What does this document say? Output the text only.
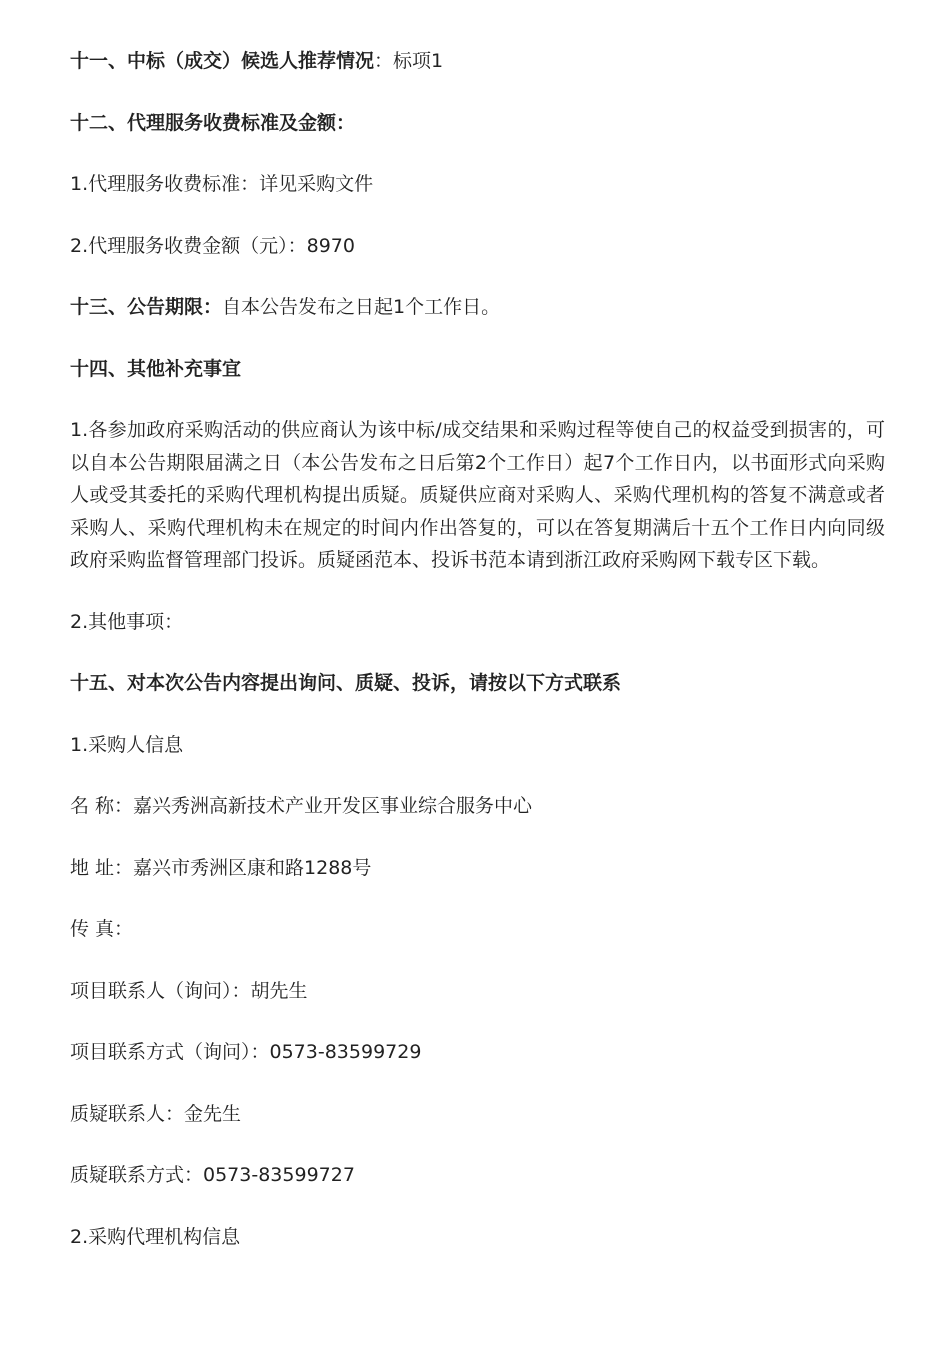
十一、中标（成交）候选人推荐情况：标项1
十二、代理服务收费标准及金额：
1.代理服务收费标准：详见采购文件
2.代理服务收费金额（元）：8970
十三、公告期限：自本公告发布之日起1个工作日。
十四、其他补充事宜
1.各参加政府采购活动的供应商认为该中标/成交结果和采购过程等使自己的权益受到损害的，可以自本公告期限届满之日（本公告发布之日后第2个工作日）起7个工作日内，以书面形式向采购人或受其委托的采购代理机构提出质疑。质疑供应商对采购人、采购代理机构的答复不满意或者采购人、采购代理机构未在规定的时间内作出答复的，可以在答复期满后十五个工作日内向同级政府采购监督管理部门投诉。质疑函范本、投诉书范本请到浙江政府采购网下载专区下载。
2.其他事项：
十五、对本次公告内容提出询问、质疑、投诉，请按以下方式联系
1.采购人信息
名 称：嘉兴秀洲高新技术产业开发区事业综合服务中心
地 址：嘉兴市秀洲区康和路1288号
传 真：
项目联系人（询问）：胡先生
项目联系方式（询问）：0573-83599729
质疑联系人：金先生
质疑联系方式：0573-83599727
2.采购代理机构信息
